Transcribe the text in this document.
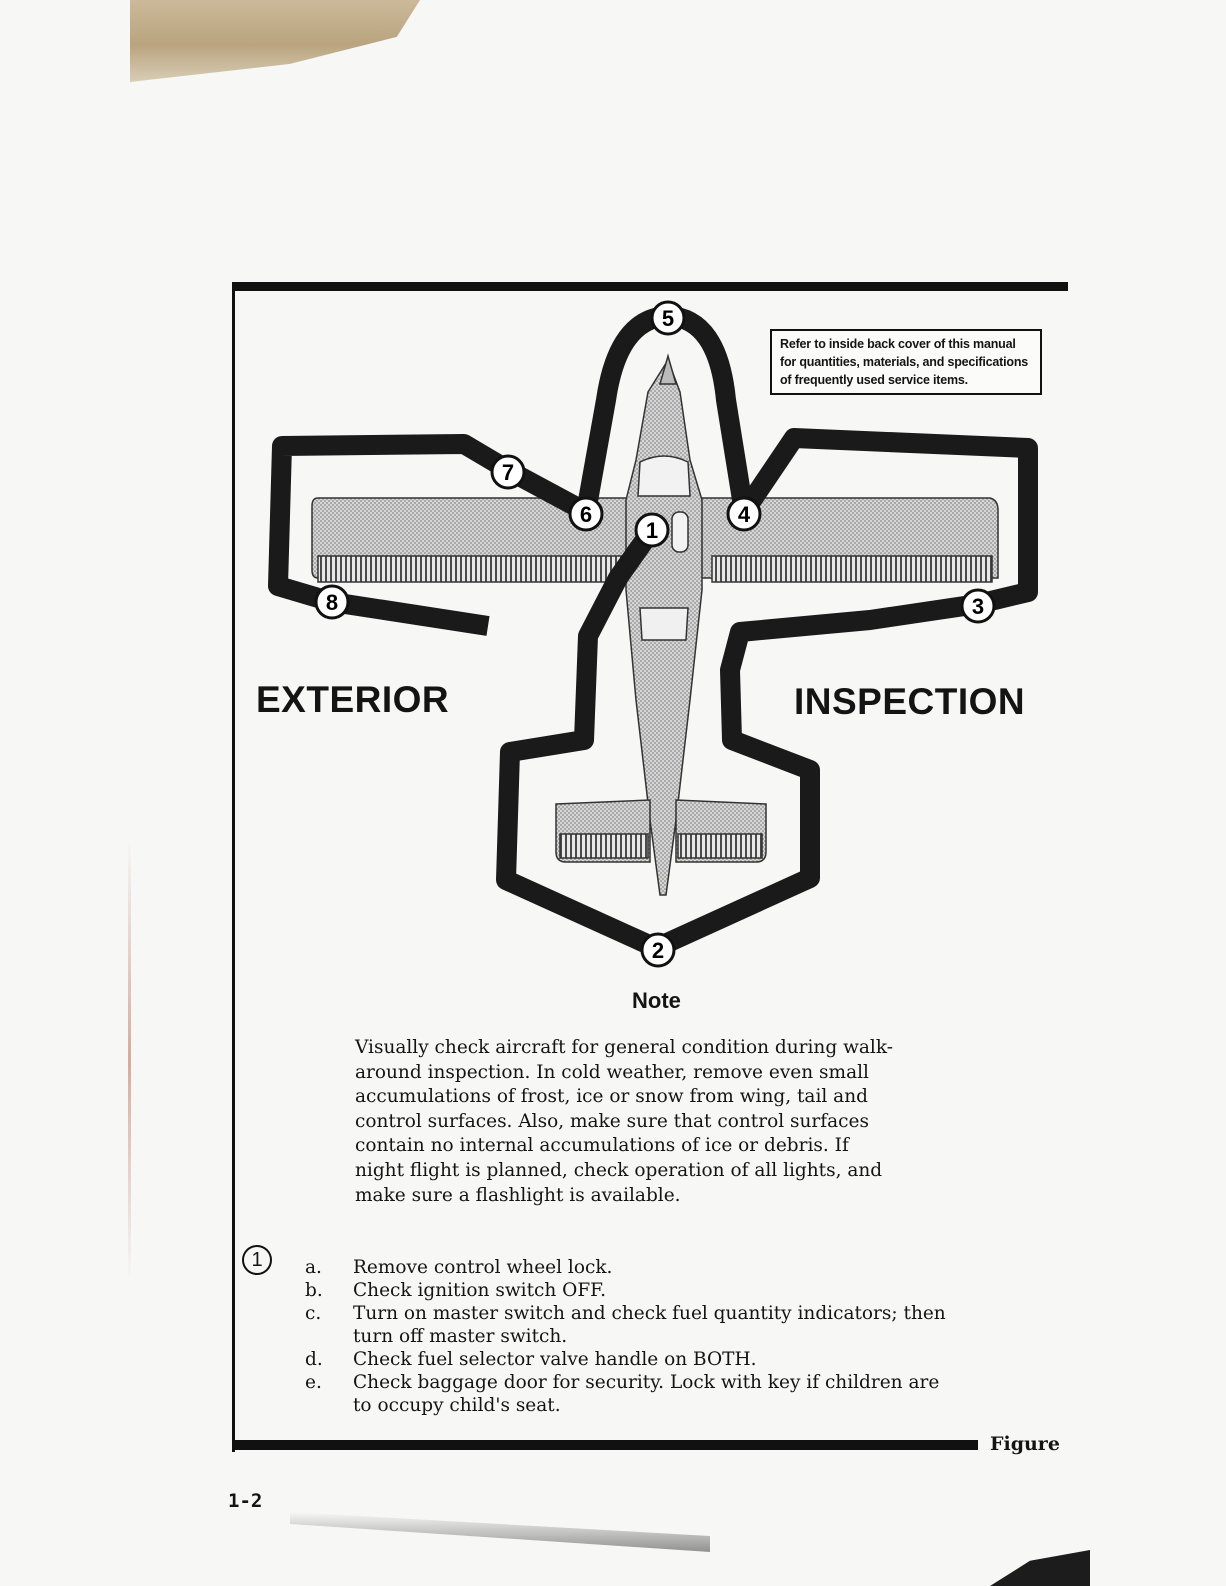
1
2
3
4
5
6
7
8
Refer to inside back cover of this manual
for quantities, materials, and specifications
of frequently used service items.
EXTERIOR	INSPECTION
Note
Visually check aircraft for general condition during walk-
around inspection. In cold weather, remove even small
accumulations of frost, ice or snow from wing, tail and
control surfaces. Also, make sure that control surfaces
contain no internal accumulations of ice or debris. If
night flight is planned, check operation of all lights, and
make sure a flashlight is available.
1	a.	Remove control wheel lock.
b.	Check ignition switch OFF.
c.	Turn on master switch and check fuel quantity indicators; then
turn off master switch.
d.	Check fuel selector valve handle on BOTH.
e.	Check baggage door for security. Lock with key if children are
to occupy child's seat.
Figure
1-2
